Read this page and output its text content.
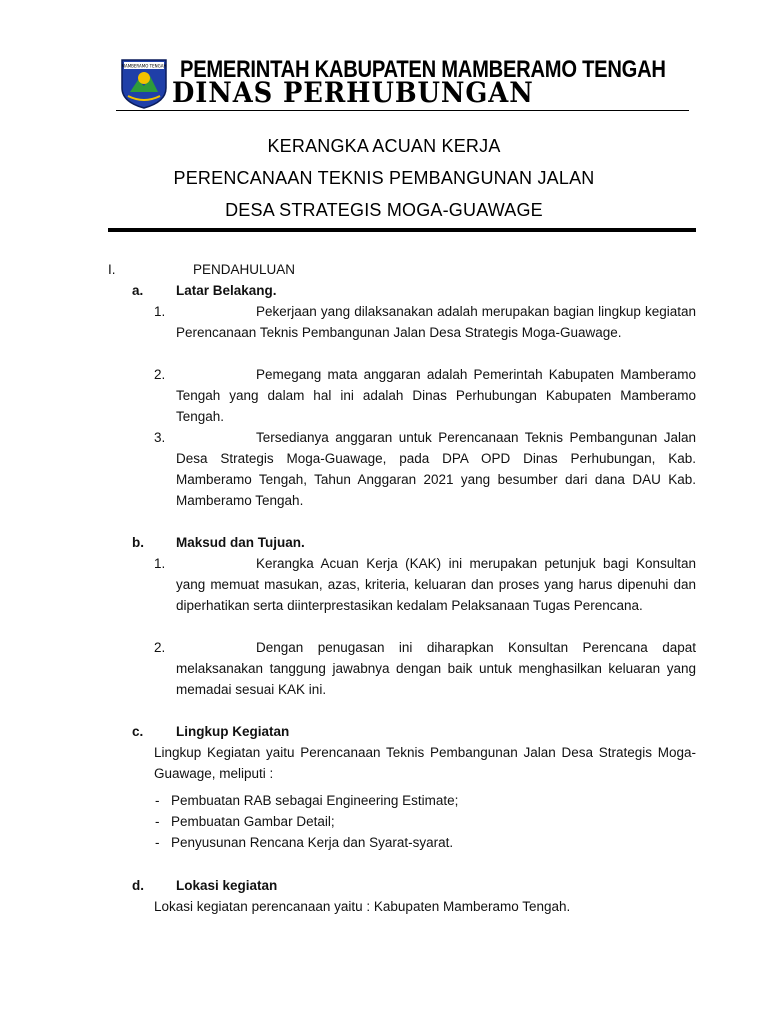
MAMBERAMO TENGAH PEMERINTAH KABUPATEN MAMBERAMO TENGAH
DINAS PERHUBUNGAN
KERANGKA ACUAN KERJA
PERENCANAAN TEKNIS PEMBANGUNAN JALAN
DESA STRATEGIS MOGA-GUAWAGE
I.	PENDAHULUAN
a. Latar Belakang.
1.	Pekerjaan yang dilaksanakan adalah merupakan bagian lingkup kegiatan Perencanaan Teknis Pembangunan Jalan Desa Strategis Moga-Guawage.
2.	Pemegang mata anggaran adalah Pemerintah Kabupaten Mamberamo Tengah yang dalam hal ini adalah Dinas Perhubungan Kabupaten Mamberamo Tengah.
3.	Tersedianya anggaran untuk Perencanaan Teknis Pembangunan Jalan Desa Strategis Moga-Guawage, pada DPA OPD Dinas Perhubungan, Kab. Mamberamo Tengah, Tahun Anggaran 2021 yang besumber dari dana DAU Kab. Mamberamo Tengah.
b. Maksud dan Tujuan.
1.	Kerangka Acuan Kerja (KAK) ini merupakan petunjuk bagi Konsultan yang memuat masukan, azas, kriteria, keluaran dan proses yang harus dipenuhi dan diperhatikan serta diinterprestasikan kedalam Pelaksanaan Tugas Perencana.
2.	Dengan penugasan ini diharapkan Konsultan Perencana dapat melaksanakan tanggung jawabnya dengan baik untuk menghasilkan keluaran yang memadai sesuai KAK ini.
c. Lingkup Kegiatan
Lingkup Kegiatan yaitu Perencanaan Teknis Pembangunan Jalan Desa Strategis Moga-Guawage, meliputi :
- Pembuatan RAB sebagai Engineering Estimate;
- Pembuatan Gambar Detail;
- Penyusunan Rencana Kerja dan Syarat-syarat.
d. Lokasi kegiatan
Lokasi kegiatan perencanaan yaitu : Kabupaten Mamberamo Tengah.
